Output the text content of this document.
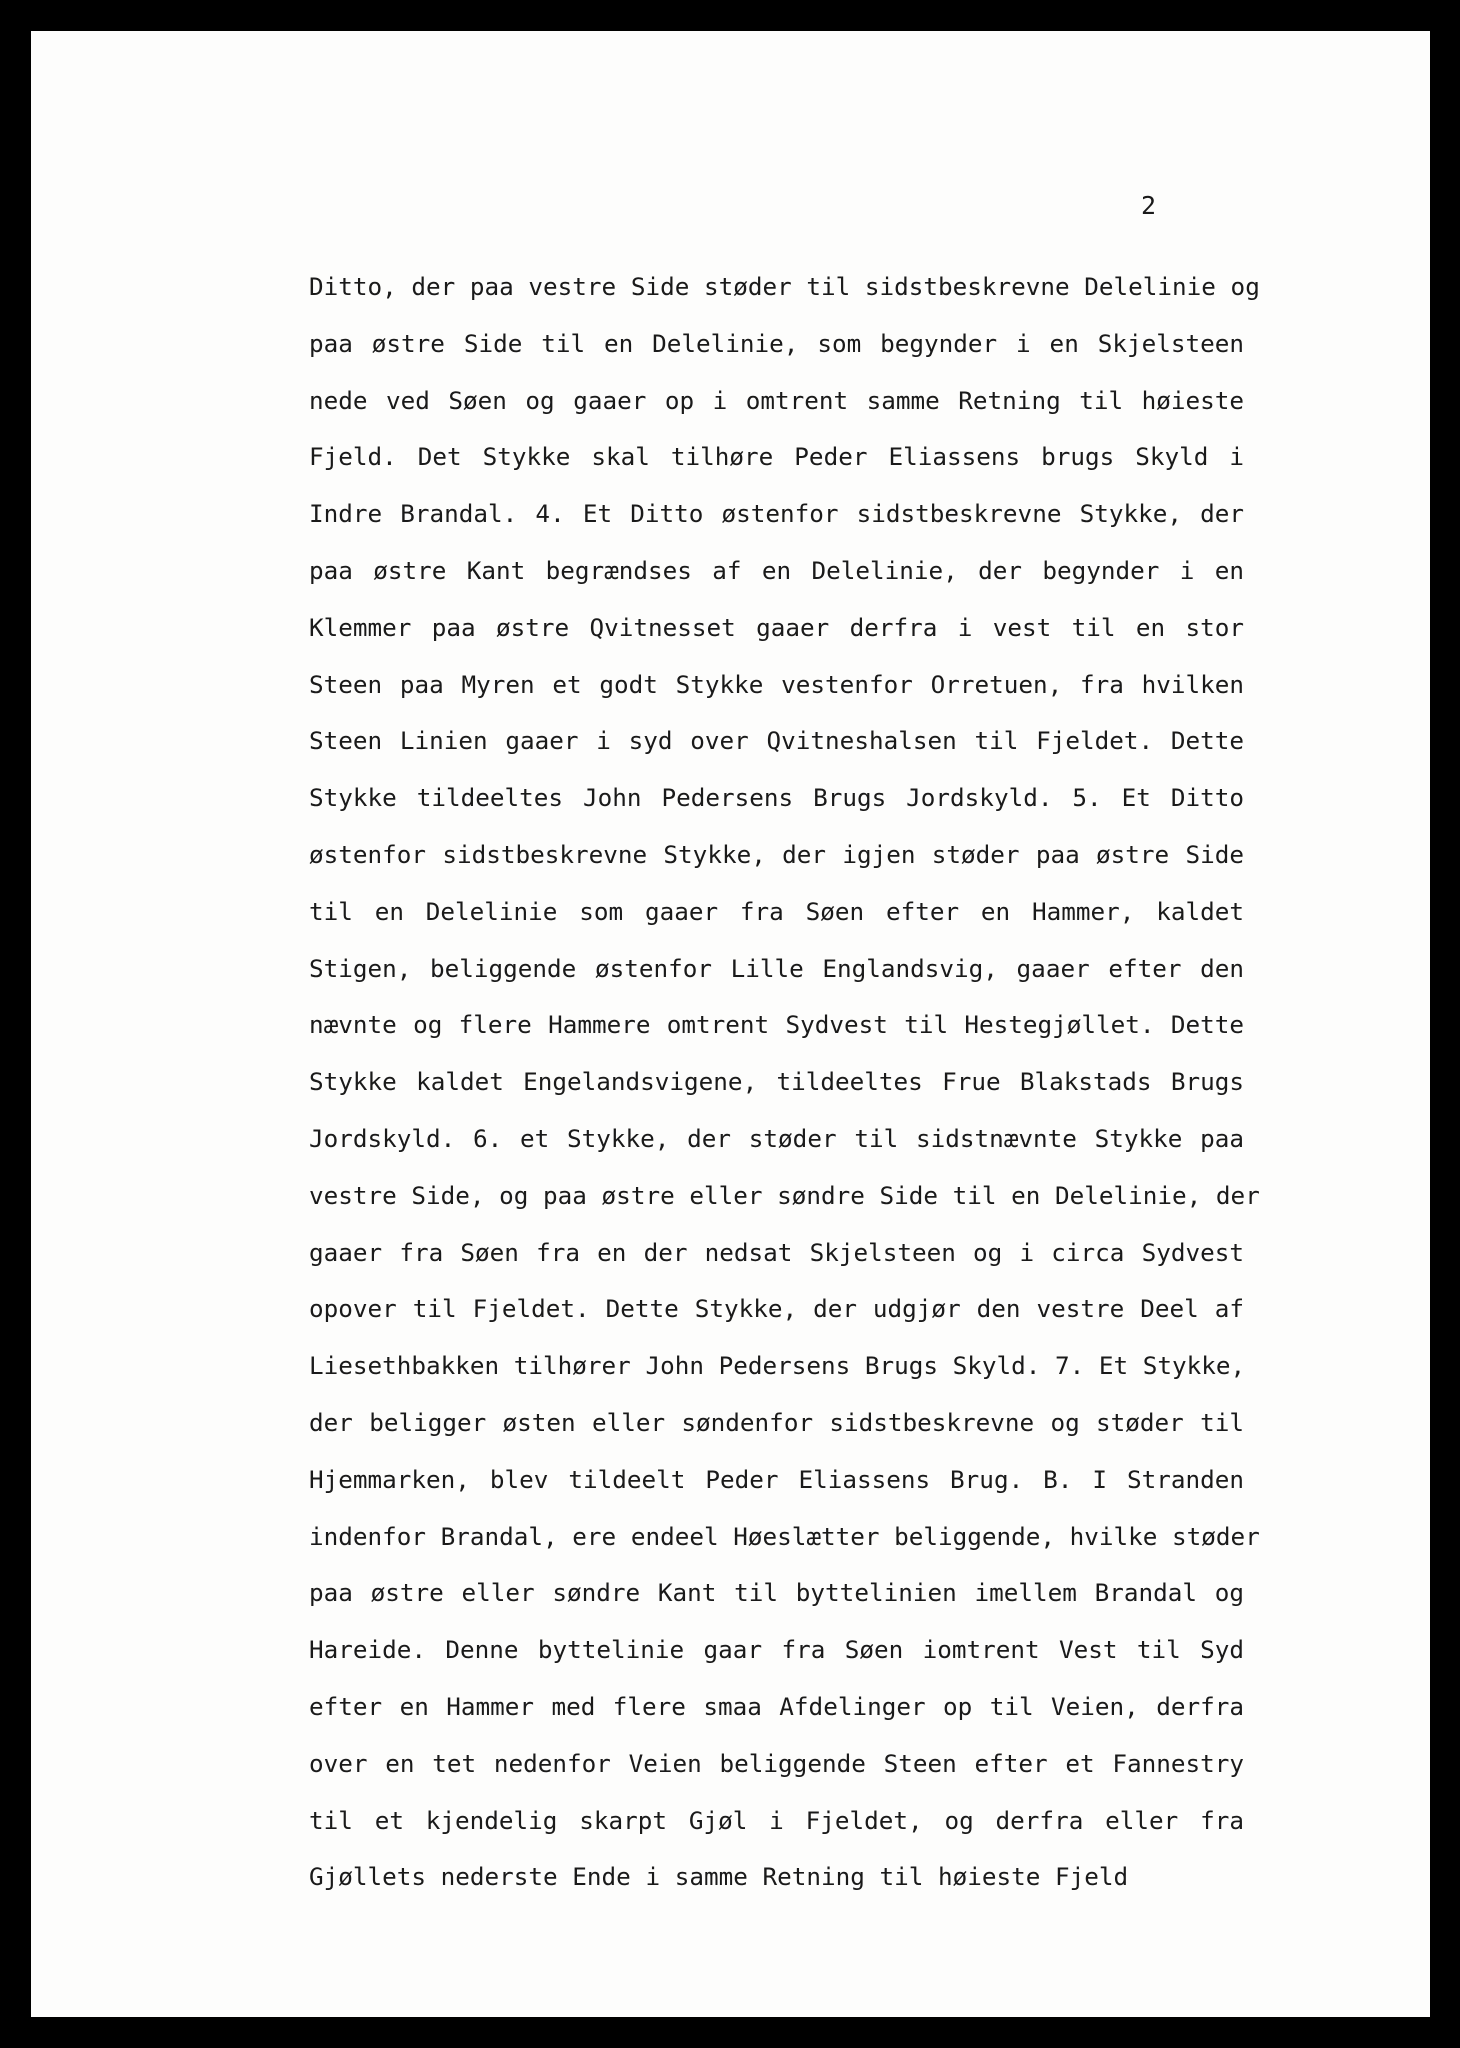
2
Ditto, der paa vestre Side støder til sidstbeskrevne Delelinie og
paa østre Side til en Delelinie, som begynder i en Skjelsteen
nede ved Søen og gaaer op i omtrent samme Retning til høieste
Fjeld. Det Stykke skal tilhøre Peder Eliassens brugs Skyld i
Indre Brandal. 4. Et Ditto østenfor sidstbeskrevne Stykke, der
paa østre Kant begrændses af en Delelinie, der begynder i en
Klemmer paa østre Qvitnesset gaaer derfra i vest til en stor
Steen paa Myren et godt Stykke vestenfor Orretuen, fra hvilken
Steen Linien gaaer i syd over Qvitneshalsen til Fjeldet. Dette
Stykke tildeeltes John Pedersens Brugs Jordskyld. 5. Et Ditto
østenfor sidstbeskrevne Stykke, der igjen støder paa østre Side
til en Delelinie som gaaer fra Søen efter en Hammer, kaldet
Stigen, beliggende østenfor Lille Englandsvig, gaaer efter den
nævnte og flere Hammere omtrent Sydvest til Hestegjøllet. Dette
Stykke kaldet Engelandsvigene, tildeeltes Frue Blakstads Brugs
Jordskyld. 6. et Stykke, der støder til sidstnævnte Stykke paa
vestre Side, og paa østre eller søndre Side til en Delelinie, der
gaaer fra Søen fra en der nedsat Skjelsteen og i circa Sydvest
opover til Fjeldet. Dette Stykke, der udgjør den vestre Deel af
Liesethbakken tilhører John Pedersens Brugs Skyld. 7. Et Stykke,
der beligger østen eller søndenfor sidstbeskrevne og støder til
Hjemmarken, blev tildeelt Peder Eliassens Brug. B. I Stranden
indenfor Brandal, ere endeel Høeslætter beliggende, hvilke støder
paa østre eller søndre Kant til byttelinien imellem Brandal og
Hareide. Denne byttelinie gaar fra Søen iomtrent Vest til Syd
efter en Hammer med flere smaa Afdelinger op til Veien, derfra
over en tet nedenfor Veien beliggende Steen efter et Fannestry
til et kjendelig skarpt Gjøl i Fjeldet, og derfra eller fra
Gjøllets nederste Ende i samme Retning til høieste Fjeld
